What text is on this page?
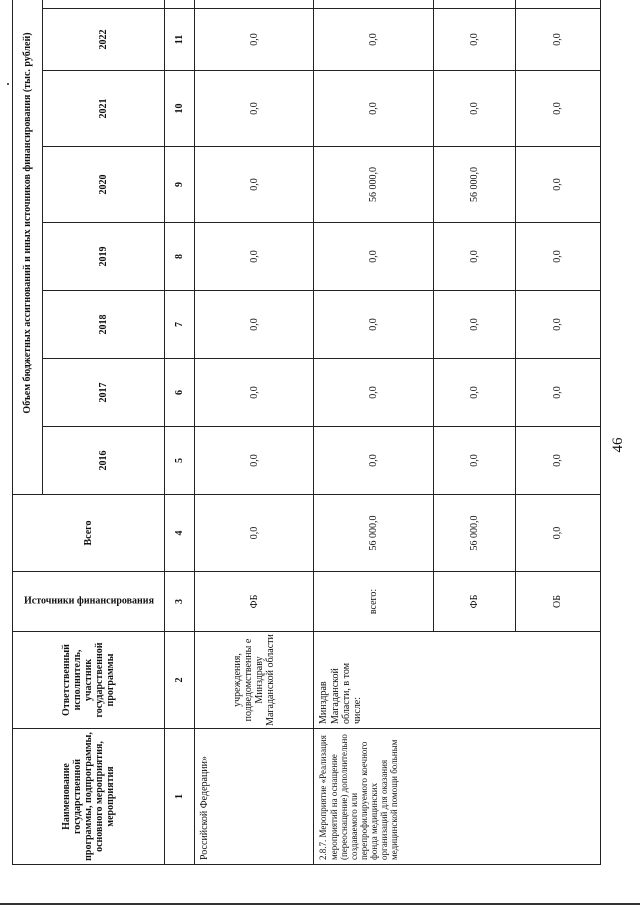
46
Наименование государственной программы, подпрограммы, основного мероприятия, мероприятия	Ответственный исполнитель, участник государственной программы	Источники финансирования	Всего	Объем бюджетных ассигнований и иных источников финансирования (тыс. рублей)							
				2016	2017	2018	2019	2020	2021	2022	
1	2	3	4	5	6	7	8	9	10	11	
Российской Федерации»	учреждения, подведомственны е Минздраву Магаданской области	ФБ	0,0	0,0	0,0	0,0	0,0	0,0	0,0	0,0	
2.8.7. Мероприятие «Реализация мероприятий на оснащение (переоснащение) дополнительно создаваемого или перепрофилируемого коечного фонда медицинских организаций для оказания медицинской помощи больным	Минздрав Магаданской области, в том числе:	всего:	56 000,0	0,0	0,0	0,0	0,0	56 000,0	0,0	0,0	
		ФБ	56 000,0	0,0	0,0	0,0	0,0	56 000,0	0,0	0,0	
		ОБ	0,0	0,0	0,0	0,0	0,0	0,0	0,0	0,0	
